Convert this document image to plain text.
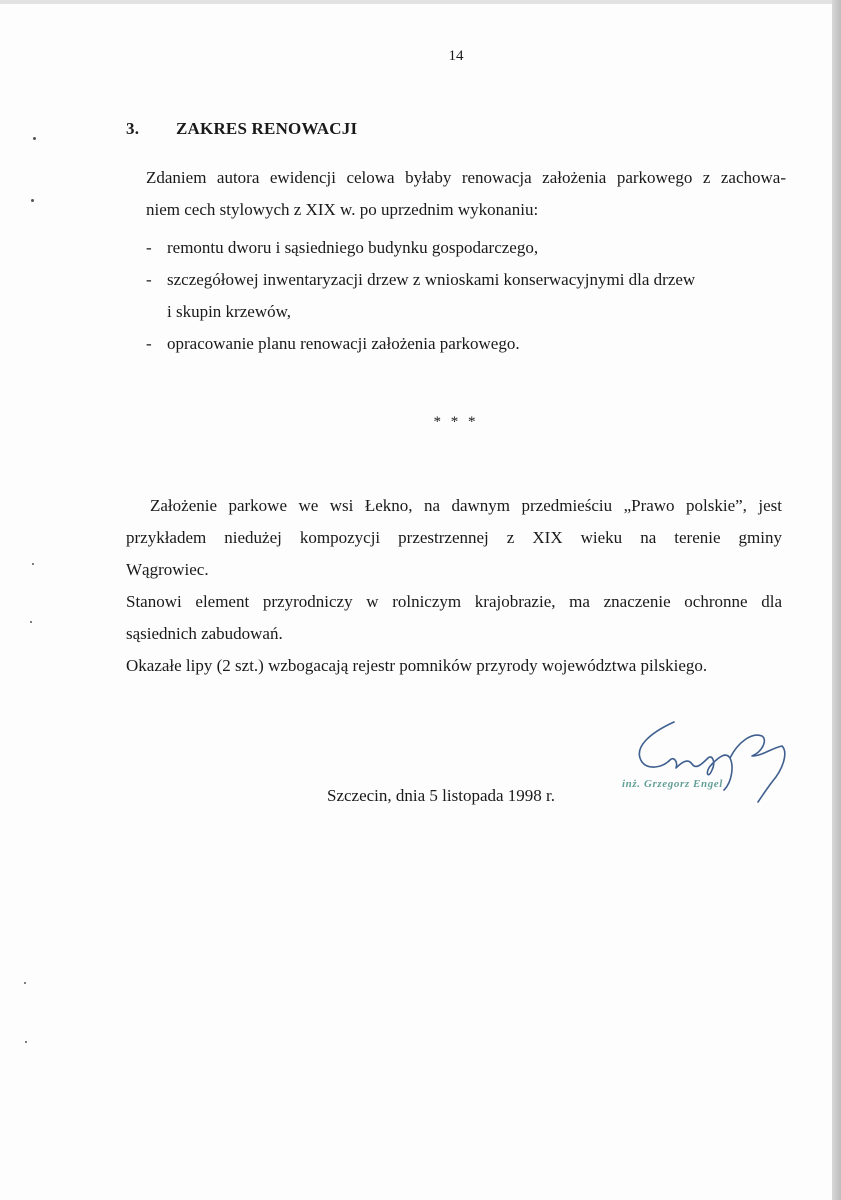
14
3. ZAKRES RENOWACJI
Zdaniem autora ewidencji celowa byłaby renowacja założenia parkowego z zachowa-
niem cech stylowych z XIX w. po uprzednim wykonaniu:
- remontu dworu i sąsiedniego budynku gospodarczego,
- szczegółowej inwentaryzacji drzew z wnioskami konserwacyjnymi dla drzew
i skupin krzewów,
- opracowanie planu renowacji założenia parkowego.
* * *
Założenie parkowe we wsi Łekno, na dawnym przedmieściu „Prawo polskie”, jest
przykładem niedużej kompozycji przestrzennej z XIX wieku na terenie gminy
Wągrowiec.
Stanowi element przyrodniczy w rolniczym krajobrazie, ma znaczenie ochronne dla
sąsiednich zabudowań.
Okazałe lipy (2 szt.) wzbogacają rejestr pomników przyrody województwa pilskiego.
Szczecin, dnia 5 listopada 1998 r.
inż. Grzegorz Engel
